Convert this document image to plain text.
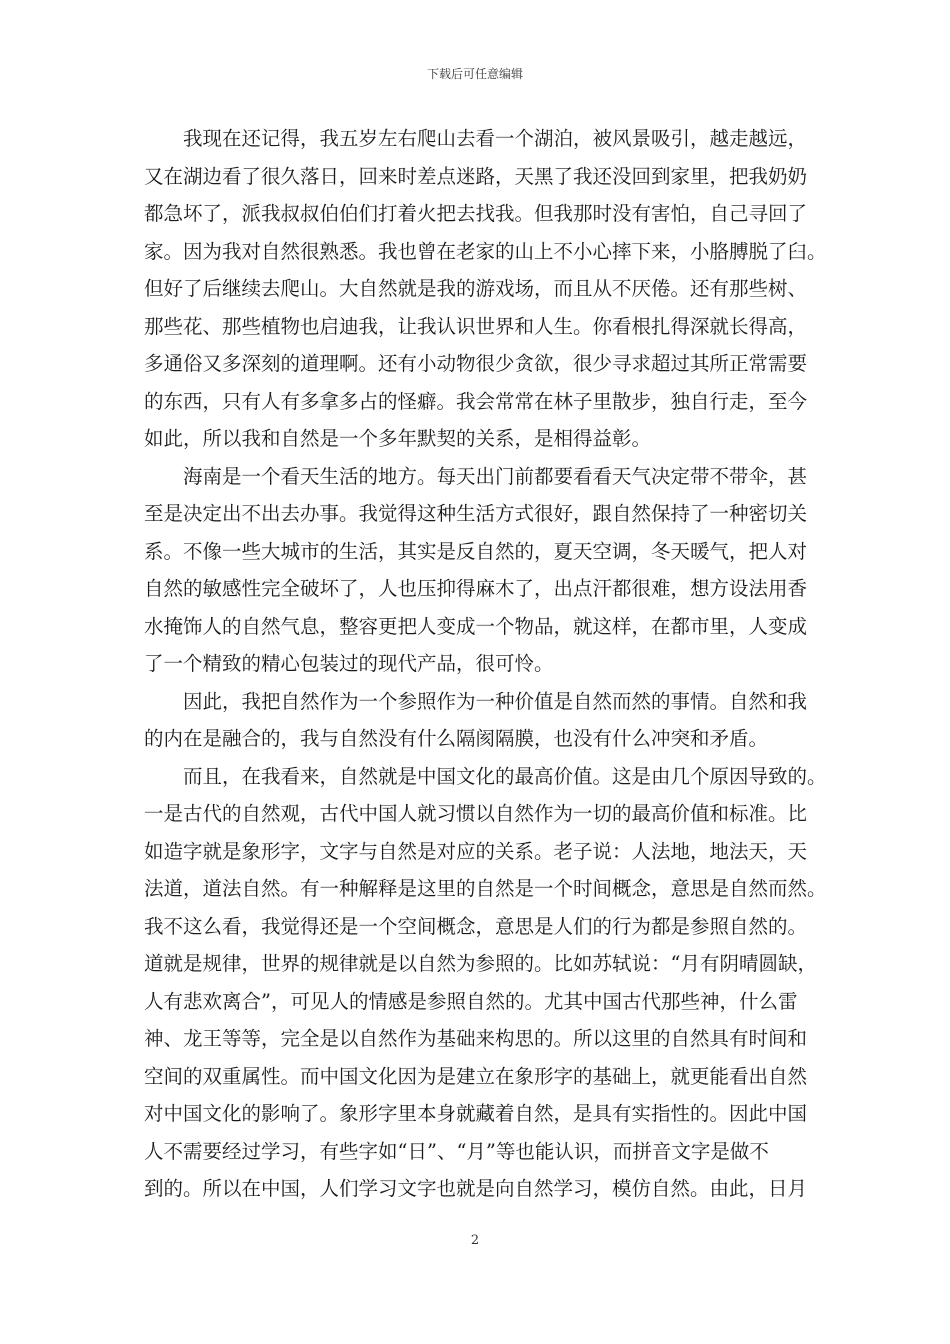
下载后可任意编辑
　　我现在还记得，我五岁左右爬山去看一个湖泊，被风景吸引，越走越远，
又在湖边看了很久落日，回来时差点迷路，天黑了我还没回到家里，把我奶奶
都急坏了，派我叔叔伯伯们打着火把去找我。但我那时没有害怕，自己寻回了
家。因为我对自然很熟悉。我也曾在老家的山上不小心摔下来，小胳膊脱了臼。
但好了后继续去爬山。大自然就是我的游戏场，而且从不厌倦。还有那些树、
那些花、那些植物也启迪我，让我认识世界和人生。你看根扎得深就长得高，
多通俗又多深刻的道理啊。还有小动物很少贪欲，很少寻求超过其所正常需要
的东西，只有人有多拿多占的怪癖。我会常常在林子里散步，独自行走，至今
如此，所以我和自然是一个多年默契的关系，是相得益彰。
　　海南是一个看天生活的地方。每天出门前都要看看天气决定带不带伞，甚
至是决定出不出去办事。我觉得这种生活方式很好，跟自然保持了一种密切关
系。不像一些大城市的生活，其实是反自然的，夏天空调，冬天暖气，把人对
自然的敏感性完全破坏了，人也压抑得麻木了，出点汗都很难，想方设法用香
水掩饰人的自然气息，整容更把人变成一个物品，就这样，在都市里，人变成
了一个精致的精心包装过的现代产品，很可怜。
　　因此，我把自然作为一个参照作为一种价值是自然而然的事情。自然和我
的内在是融合的，我与自然没有什么隔阂隔膜，也没有什么冲突和矛盾。
　　而且，在我看来，自然就是中国文化的最高价值。这是由几个原因导致的。
一是古代的自然观，古代中国人就习惯以自然作为一切的最高价值和标准。比
如造字就是象形字，文字与自然是对应的关系。老子说：人法地，地法天，天
法道，道法自然。有一种解释是这里的自然是一个时间概念，意思是自然而然。
我不这么看，我觉得还是一个空间概念，意思是人们的行为都是参照自然的。
道就是规律，世界的规律就是以自然为参照的。比如苏轼说：“月有阴晴圆缺，
人有悲欢离合”，可见人的情感是参照自然的。尤其中国古代那些神，什么雷
神、龙王等等，完全是以自然作为基础来构思的。所以这里的自然具有时间和
空间的双重属性。而中国文化因为是建立在象形字的基础上，就更能看出自然
对中国文化的影响了。象形字里本身就藏着自然，是具有实指性的。因此中国
人不需要经过学习，有些字如“日”、“月”等也能认识，而拼音文字是做不
到的。所以在中国，人们学习文字也就是向自然学习，模仿自然。由此，日月
2
